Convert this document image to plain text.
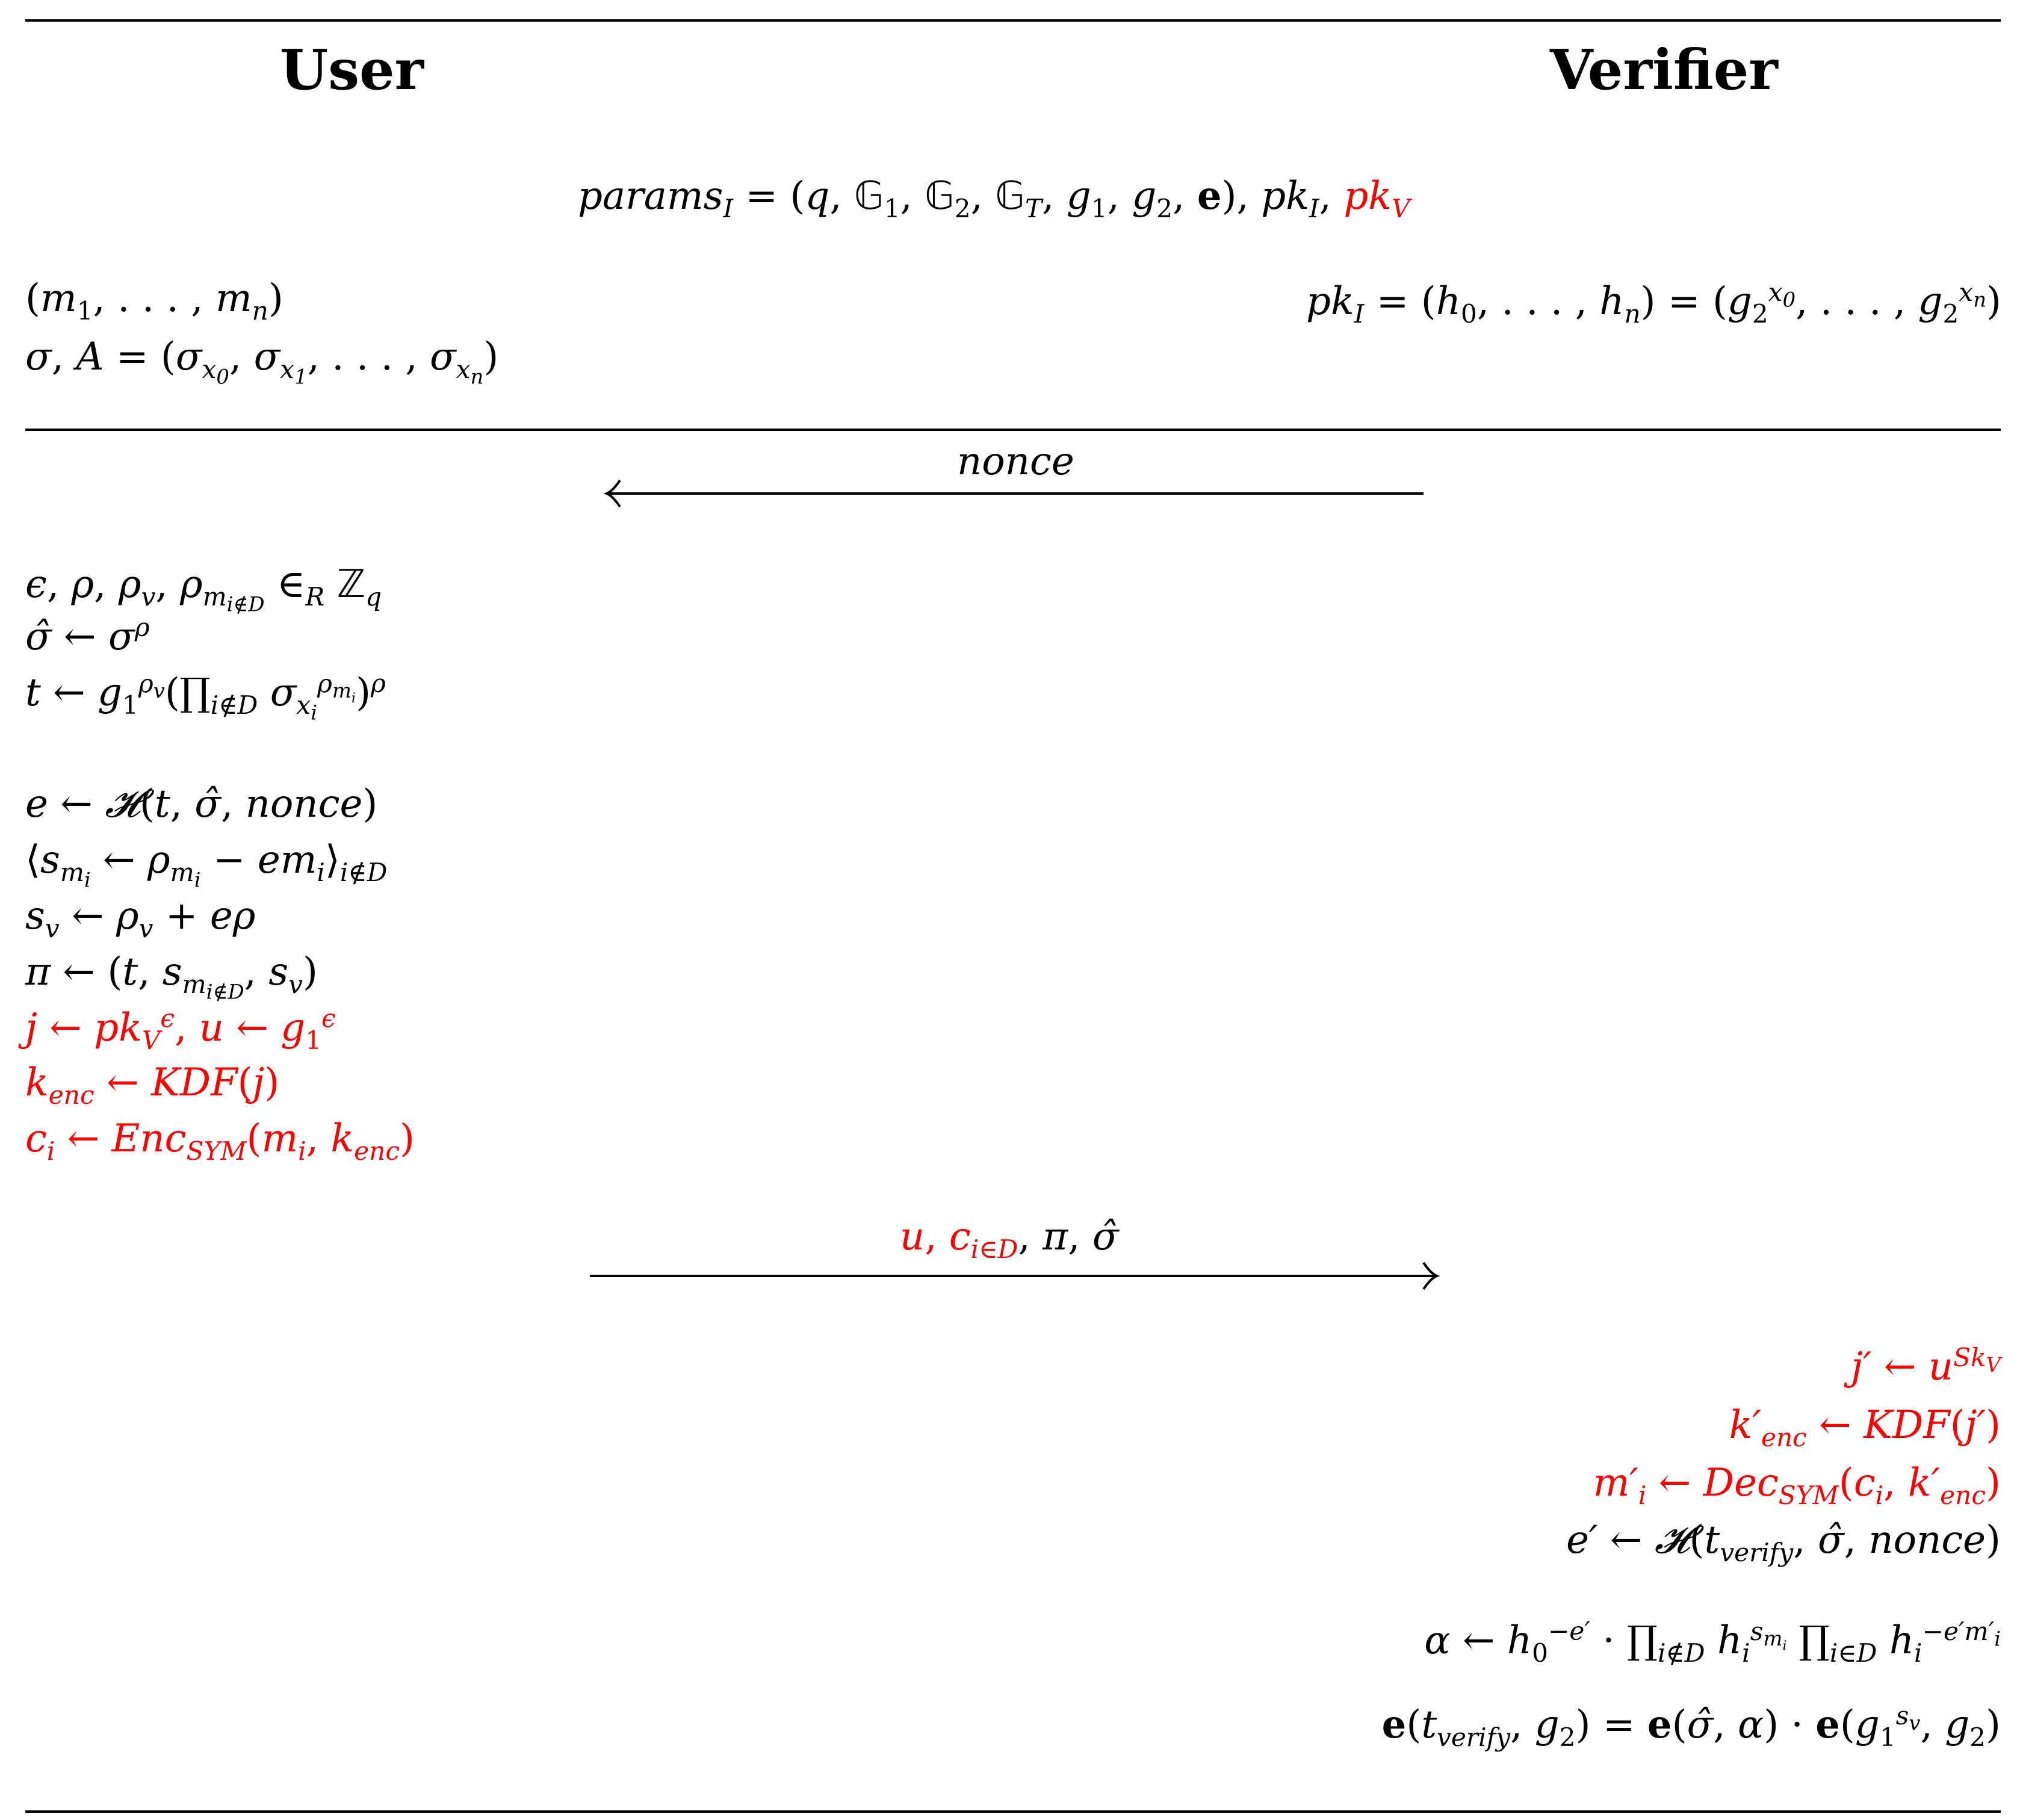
User	Verifier
params$_I$ = (q, 𝔾$_1$, 𝔾$_2$, 𝔾$_T$, $g_1$, $g_2$, e), $pk_I$, $pk_V$
($m_1$, . . . , $m_n$)
σ, $A = (\sigma_{x_0}$, $\sigma_{x_1}$, . . . , $\sigma_{x_n}$)
$pk_I = (h_0$, . . . , $h_n) = (g_2^{x_0}$, . . . , $g_2^{x_n}$)
nonce
ϵ, ρ, $\rho_v$, $\rho_{m_{i\notin D}}$ $\in_R$ ℤ$_q$
σ̂ ← $\sigma^\rho$
t ← $g_1^{\rho_v}(\prod_{i\notin D}$ $\sigma_{x_i}^{\rho_{m_i}})^\rho$
e ← 𝓗(t, σ̂, nonce)
$⟨s_{m_i}$ ← $\rho_{m_i}$ − $em_i⟩_{i\notin D}$
$s_v$ ← $\rho_v + e\rho$
π ← (t, $s_{m_{i\notin D}}$, $s_v$)
j ← $pk_V^\epsilon$, u ← $g_1^\epsilon$
$k_{enc}$ ← KDF(j)
$c_i$ ← $Enc_{SYM}(m_i$, $k_{enc}$)
u, $c_{i\in D}$, π, σ̂
j′ ← $u^{Sk_V}$
$k'_{enc}$ ← KDF(j′)
$m'_i$ ← $Dec_{SYM}(c_i$, $k'_{enc}$)
e′ ← $𝓗(t_{verify}$, σ̂, nonce)
α ← $h_0^{-e'}$ · $\prod_{i\notin D}$ $h_i^{s_{m_i}}$ $\prod_{i\in D}$ $h_i^{-e'm'_i}$
$e(t_{verify}$, $g_2$) = e(σ̂, $\alpha) \cdot e(g_1^{s_v}$, $g_2$)
